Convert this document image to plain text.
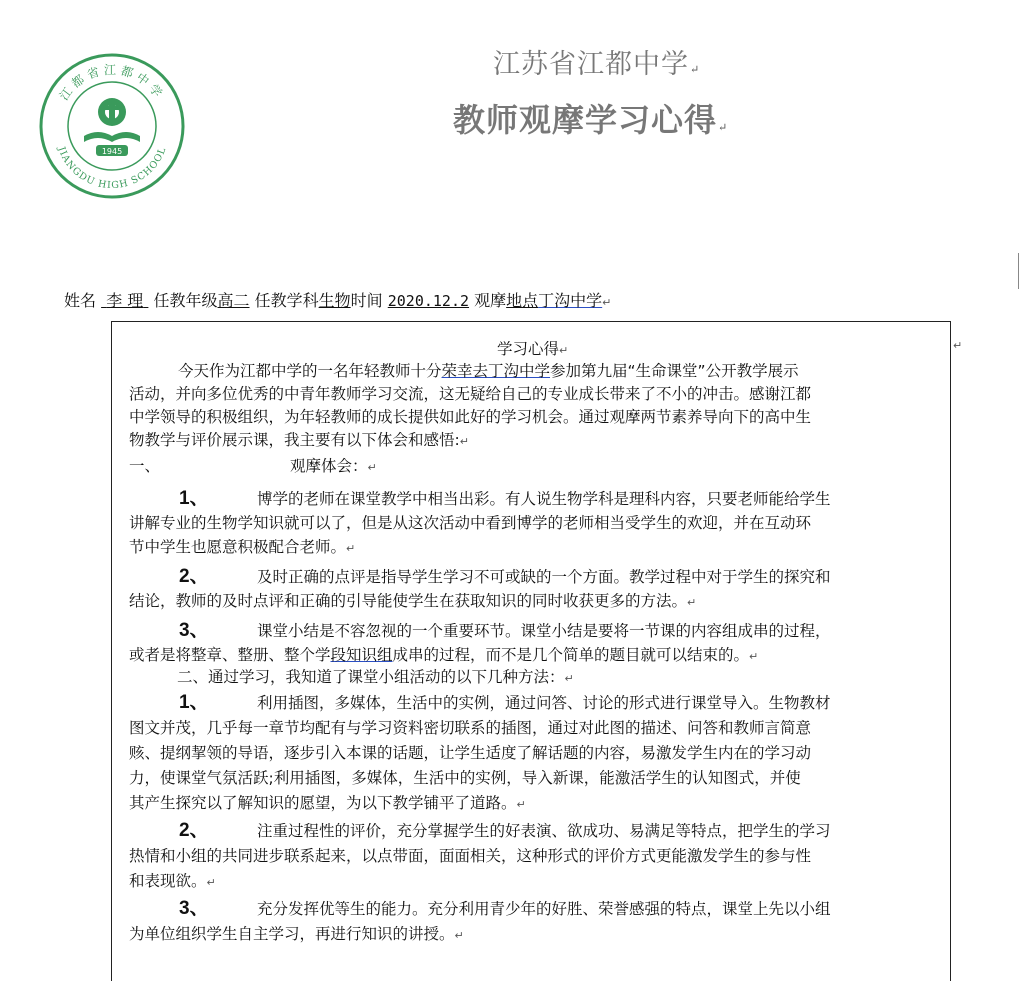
江都省江都中学
JIANGDU HIGH SCHOOL
1945
江苏省江都中学↵
教师观摩学习心得↵
姓名 李 理 任教年级高二 任教学科生物时间 2020.12.2 观摩地点丁沟中学↵
↵
学习心得↵
今天作为江都中学的一名年轻教师十分荣幸去丁沟中学参加第九届“生命课堂”公开教学展示
活动，并向多位优秀的中青年教师学习交流，这无疑给自己的专业成长带来了不小的冲击。感谢江都
中学领导的积极组织，为年轻教师的成长提供如此好的学习机会。通过观摩两节素养导向下的高中生
物教学与评价展示课，我主要有以下体会和感悟:↵
一、	观摩体会：↵
1、	博学的老师在课堂教学中相当出彩。有人说生物学科是理科内容，只要老师能给学生
讲解专业的生物学知识就可以了，但是从这次活动中看到博学的老师相当受学生的欢迎，并在互动环
节中学生也愿意积极配合老师。↵
2、	及时正确的点评是指导学生学习不可或缺的一个方面。教学过程中对于学生的探究和
结论，教师的及时点评和正确的引导能使学生在获取知识的同时收获更多的方法。↵
3、	课堂小结是不容忽视的一个重要环节。课堂小结是要将一节课的内容组成串的过程，
或者是将整章、整册、整个学段知识组成串的过程，而不是几个简单的题目就可以结束的。↵
二、通过学习，我知道了课堂小组活动的以下几种方法：↵
1、	利用插图，多媒体，生活中的实例，通过问答、讨论的形式进行课堂导入。生物教材
图文并茂，几乎每一章节均配有与学习资料密切联系的插图，通过对此图的描述、问答和教师言简意
赅、提纲挈领的导语，逐步引入本课的话题，让学生适度了解话题的内容，易激发学生内在的学习动
力，使课堂气氛活跃;利用插图，多媒体，生活中的实例，导入新课，能激活学生的认知图式，并使
其产生探究以了解知识的愿望，为以下教学铺平了道路。↵
2、	注重过程性的评价，充分掌握学生的好表演、欲成功、易满足等特点，把学生的学习
热情和小组的共同进步联系起来，以点带面，面面相关，这种形式的评价方式更能激发学生的参与性
和表现欲。↵
3、	充分发挥优等生的能力。充分利用青少年的好胜、荣誉感强的特点，课堂上先以小组
为单位组织学生自主学习，再进行知识的讲授。↵
